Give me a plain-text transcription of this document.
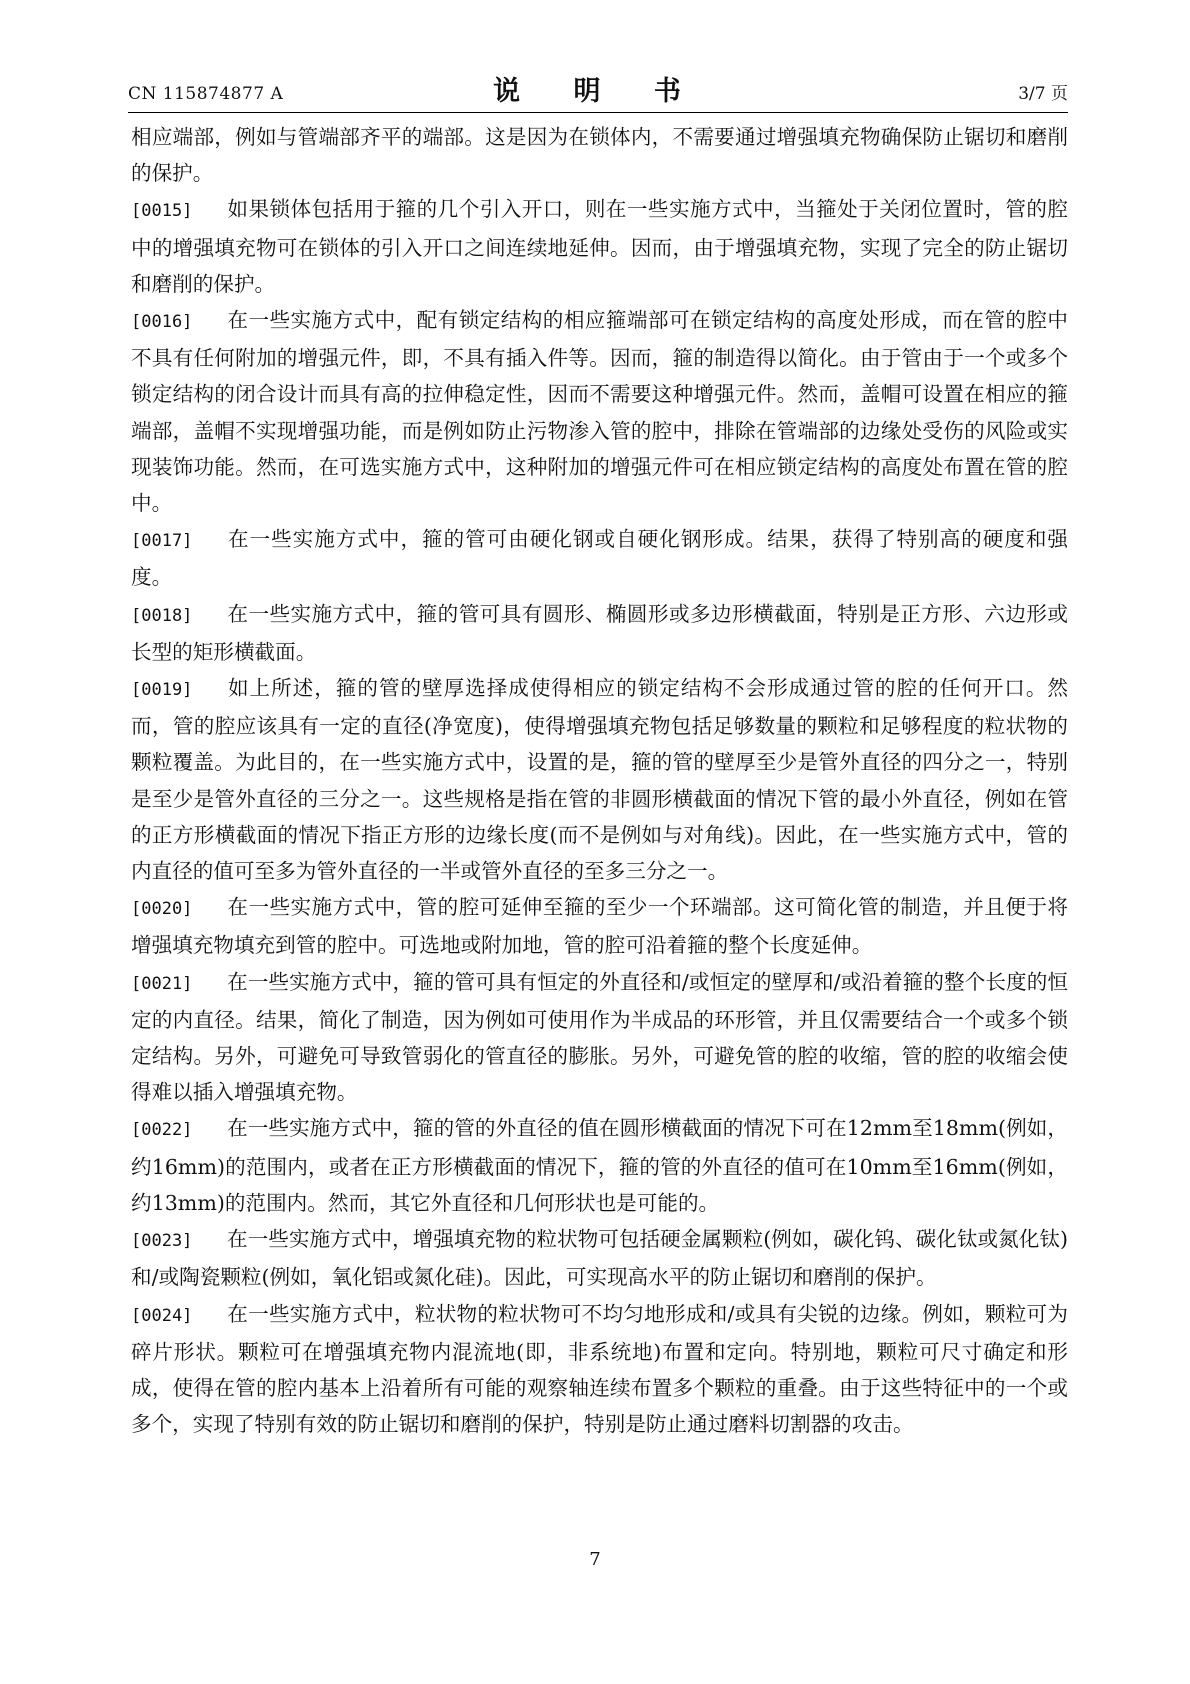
CN 115874877 A	说 明 书	3/7 页

相应端部，例如与管端部齐平的端部。这是因为在锁体内，不需要通过增强填充物确保防止锯切和磨削的保护。

[0015] 如果锁体包括用于箍的几个引入开口，则在一些实施方式中，当箍处于关闭位置时，管的腔中的增强填充物可在锁体的引入开口之间连续地延伸。因而，由于增强填充物，实现了完全的防止锯切和磨削的保护。

[0016] 在一些实施方式中，配有锁定结构的相应箍端部可在锁定结构的高度处形成，而在管的腔中不具有任何附加的增强元件，即，不具有插入件等。因而，箍的制造得以简化。由于管由于一个或多个锁定结构的闭合设计而具有高的拉伸稳定性，因而不需要这种增强元件。然而，盖帽可设置在相应的箍端部，盖帽不实现增强功能，而是例如防止污物渗入管的腔中，排除在管端部的边缘处受伤的风险或实现装饰功能。然而，在可选实施方式中，这种附加的增强元件可在相应锁定结构的高度处布置在管的腔中。

[0017] 在一些实施方式中，箍的管可由硬化钢或自硬化钢形成。结果，获得了特别高的硬度和强度。

[0018] 在一些实施方式中，箍的管可具有圆形、椭圆形或多边形横截面，特别是正方形、六边形或长型的矩形横截面。

[0019] 如上所述，箍的管的壁厚选择成使得相应的锁定结构不会形成通过管的腔的任何开口。然而，管的腔应该具有一定的直径(净宽度)，使得增强填充物包括足够数量的颗粒和足够程度的粒状物的颗粒覆盖。为此目的，在一些实施方式中，设置的是，箍的管的壁厚至少是管外直径的四分之一，特别是至少是管外直径的三分之一。这些规格是指在管的非圆形横截面的情况下管的最小外直径，例如在管的正方形横截面的情况下指正方形的边缘长度(而不是例如与对角线)。因此，在一些实施方式中，管的内直径的值可至多为管外直径的一半或管外直径的至多三分之一。

[0020] 在一些实施方式中，管的腔可延伸至箍的至少一个环端部。这可简化管的制造，并且便于将增强填充物填充到管的腔中。可选地或附加地，管的腔可沿着箍的整个长度延伸。

[0021] 在一些实施方式中，箍的管可具有恒定的外直径和/或恒定的壁厚和/或沿着箍的整个长度的恒定的内直径。结果，简化了制造，因为例如可使用作为半成品的环形管，并且仅需要结合一个或多个锁定结构。另外，可避免可导致管弱化的管直径的膨胀。另外，可避免管的腔的收缩，管的腔的收缩会使得难以插入增强填充物。

[0022] 在一些实施方式中，箍的管的外直径的值在圆形横截面的情况下可在12mm至18mm(例如，约16mm)的范围内，或者在正方形横截面的情况下，箍的管的外直径的值可在10mm至16mm(例如，约13mm)的范围内。然而，其它外直径和几何形状也是可能的。

[0023] 在一些实施方式中，增强填充物的粒状物可包括硬金属颗粒(例如，碳化钨、碳化钛或氮化钛)和/或陶瓷颗粒(例如，氧化铝或氮化硅)。因此，可实现高水平的防止锯切和磨削的保护。

[0024] 在一些实施方式中，粒状物的粒状物可不均匀地形成和/或具有尖锐的边缘。例如，颗粒可为碎片形状。颗粒可在增强填充物内混流地(即，非系统地)布置和定向。特别地，颗粒可尺寸确定和形成，使得在管的腔内基本上沿着所有可能的观察轴连续布置多个颗粒的重叠。由于这些特征中的一个或多个，实现了特别有效的防止锯切和磨削的保护，特别是防止通过磨料切割器的攻击。

7
